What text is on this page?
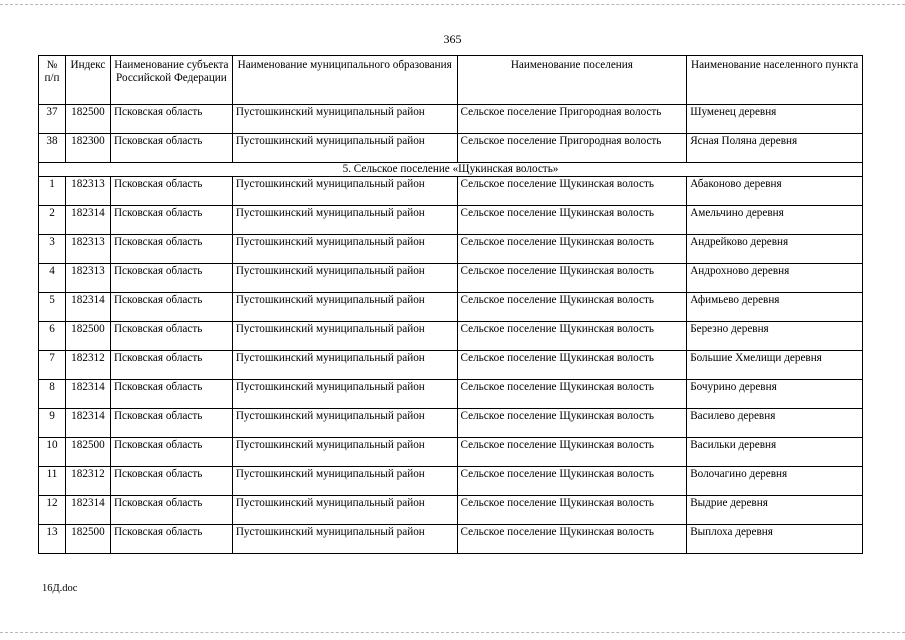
365
№ п/п	Индекс	Наименование субъекта Российской Федерации	Наименование муниципального образования	Наименование поселения	Наименование населенного пункта
37	182500	Псковская область	Пустошкинский муниципальный район	Сельское поселение Пригородная волость	Шуменец деревня
38	182300	Псковская область	Пустошкинский муниципальный район	Сельское поселение Пригородная волость	Ясная Поляна деревня
5. Сельское поселение «Щукинская волость»					
1	182313	Псковская область	Пустошкинский муниципальный район	Сельское поселение Щукинская волость	Абаконово деревня
2	182314	Псковская область	Пустошкинский муниципальный район	Сельское поселение Щукинская волость	Амельчино деревня
3	182313	Псковская область	Пустошкинский муниципальный район	Сельское поселение Щукинская волость	Андрейково деревня
4	182313	Псковская область	Пустошкинский муниципальный район	Сельское поселение Щукинская волость	Андрохново деревня
5	182314	Псковская область	Пустошкинский муниципальный район	Сельское поселение Щукинская волость	Афимьево деревня
6	182500	Псковская область	Пустошкинский муниципальный район	Сельское поселение Щукинская волость	Березно деревня
7	182312	Псковская область	Пустошкинский муниципальный район	Сельское поселение Щукинская волость	Большие Хмелищи деревня
8	182314	Псковская область	Пустошкинский муниципальный район	Сельское поселение Щукинская волость	Бочурино деревня
9	182314	Псковская область	Пустошкинский муниципальный район	Сельское поселение Щукинская волость	Василево деревня
10	182500	Псковская область	Пустошкинский муниципальный район	Сельское поселение Щукинская волость	Васильки деревня
11	182312	Псковская область	Пустошкинский муниципальный район	Сельское поселение Щукинская волость	Волочагино деревня
12	182314	Псковская область	Пустошкинский муниципальный район	Сельское поселение Щукинская волость	Выдрие деревня
13	182500	Псковская область	Пустошкинский муниципальный район	Сельское поселение Щукинская волость	Выплоха деревня
16Д.doc
